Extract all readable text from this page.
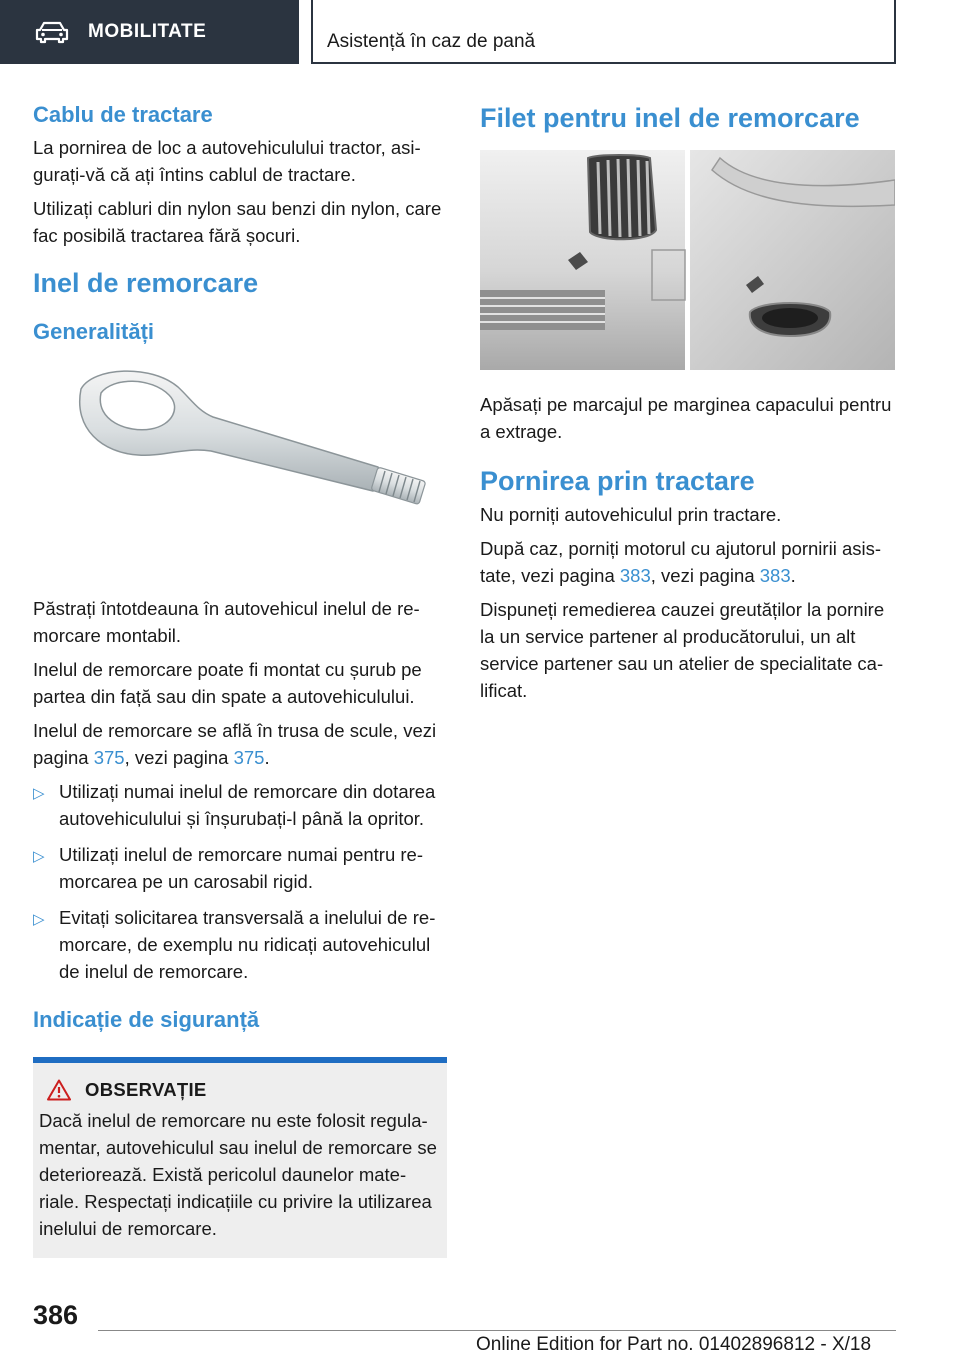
MOBILITATE	Asistență în caz de pană
Cablu de tractare

La pornirea de loc a autovehiculului tractor, asigurați-vă că ați întins cablul de tractare.

Utilizați cabluri din nylon sau benzi din nylon, care fac posibilă tractarea fără șocuri.

Inel de remorcare
Generalități

Păstrați întotdeauna în autovehicul inelul de remorcare montabil.

Inelul de remorcare poate fi montat cu șurub pe partea din față sau din spate a autovehiculului.

Inelul de remorcare se află în trusa de scule, vezi pagina 375, vezi pagina 375.

▷ Utilizați numai inelul de remorcare din dotarea autovehiculului și înșurubați-l până la opritor.
▷ Utilizați inelul de remorcare numai pentru remorcarea pe un carosabil rigid.
▷ Evitați solicitarea transversală a inelului de remorcare, de exemplu nu ridicați autovehiculul de inelul de remorcare.
Indicație de siguranță
OBSERVAȚIE
Dacă inelul de remorcare nu este folosit regulamentar, autovehiculul sau inelul de remorcare se deteriorează. Există pericolul daunelor materiale. Respectați indicațiile cu privire la utilizarea inelului de remorcare.
Filet pentru inel de remorcare

Apăsați pe marcajul pe marginea capacului pentru a extrage.

Pornirea prin tractare

Nu porniți autovehiculul prin tractare.

După caz, porniți motorul cu ajutorul pornirii asistate, vezi pagina 383, vezi pagina 383.

Dispuneți remedierea cauzei greutăților la pornire la un service partener al producătorului, un alt service partener sau un atelier de specialitate calificat.

386
Online Edition for Part no. 01402896812 - X/18
